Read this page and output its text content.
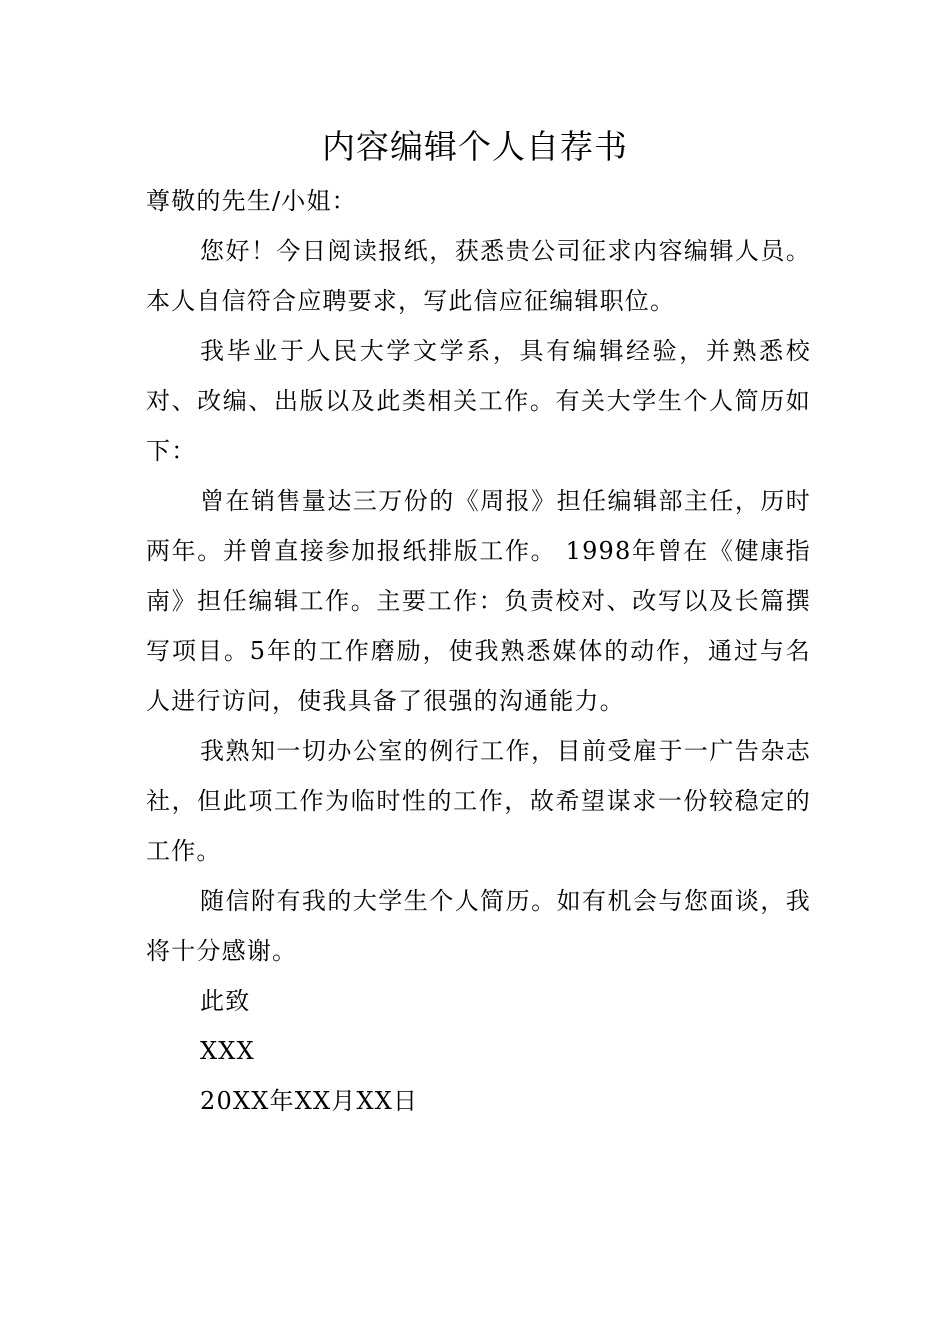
内容编辑个人自荐书

尊敬的先生/小姐：

您好！今日阅读报纸，获悉贵公司征求内容编辑人员。本人自信符合应聘要求，写此信应征编辑职位。

我毕业于人民大学文学系，具有编辑经验，并熟悉校对、改编、出版以及此类相关工作。有关大学生个人简历如下：

曾在销售量达三万份的《周报》担任编辑部主任，历时两年。并曾直接参加报纸排版工作。 1998年曾在《健康指南》担任编辑工作。主要工作：负责校对、改写以及长篇撰写项目。5年的工作磨励，使我熟悉媒体的动作，通过与名人进行访问，使我具备了很强的沟通能力。

我熟知一切办公室的例行工作，目前受雇于一广告杂志社，但此项工作为临时性的工作，故希望谋求一份较稳定的工作。

随信附有我的大学生个人简历。如有机会与您面谈，我将十分感谢。

此致

XXX

20XX年XX月XX日
